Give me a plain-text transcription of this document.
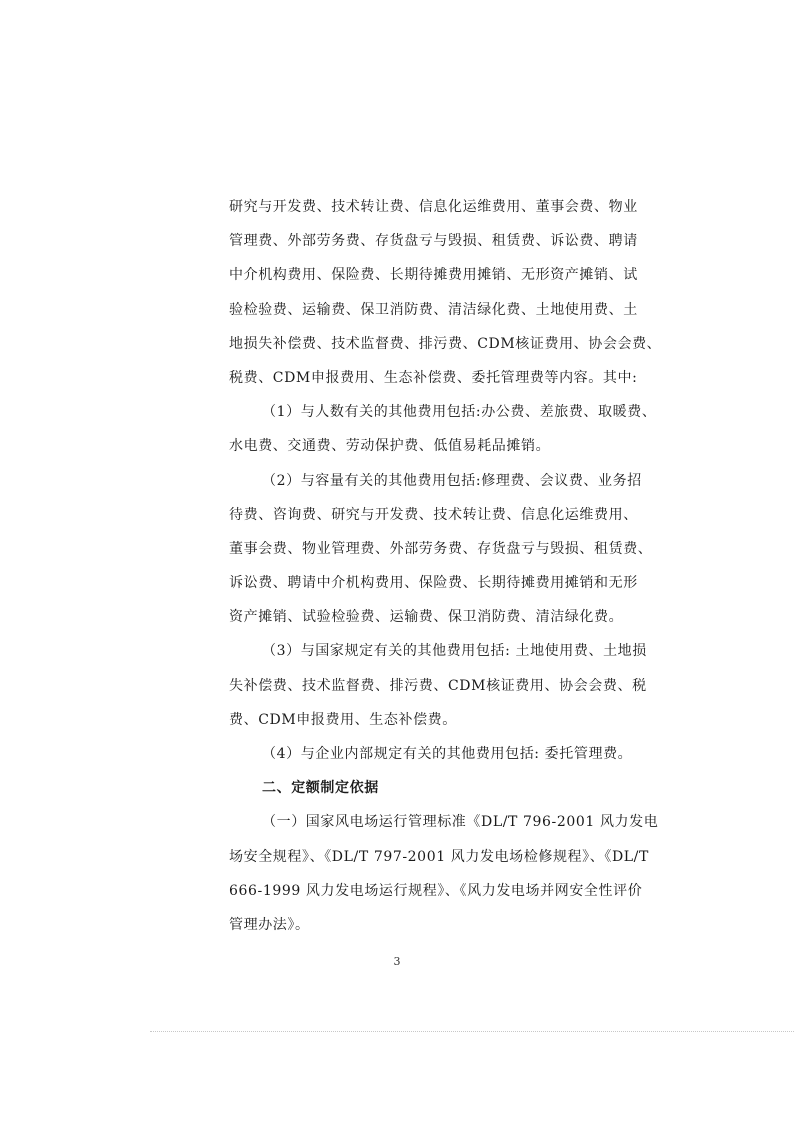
研究与开发费、技术转让费、信息化运维费用、董事会费、物业
管理费、外部劳务费、存货盘亏与毁损、租赁费、诉讼费、聘请
中介机构费用、保险费、长期待摊费用摊销、无形资产摊销、试
验检验费、运输费、保卫消防费、清洁绿化费、土地使用费、土
地损失补偿费、技术监督费、排污费、CDM核证费用、协会会费、
税费、CDM申报费用、生态补偿费、委托管理费等内容。其中:
（1）与人数有关的其他费用包括:办公费、差旅费、取暖费、
水电费、交通费、劳动保护费、低值易耗品摊销。
（2）与容量有关的其他费用包括:修理费、会议费、业务招
待费、咨询费、研究与开发费、技术转让费、信息化运维费用、
董事会费、物业管理费、外部劳务费、存货盘亏与毁损、租赁费、
诉讼费、聘请中介机构费用、保险费、长期待摊费用摊销和无形
资产摊销、试验检验费、运输费、保卫消防费、清洁绿化费。
（3）与国家规定有关的其他费用包括: 土地使用费、土地损
失补偿费、技术监督费、排污费、CDM核证费用、协会会费、税
费、CDM申报费用、生态补偿费。
（4）与企业内部规定有关的其他费用包括: 委托管理费。
二、定额制定依据
（一）国家风电场运行管理标准《DL/T 796-2001 风力发电
场安全规程》、《DL/T 797-2001 风力发电场检修规程》、《DL/T
666-1999 风力发电场运行规程》、《风力发电场并网安全性评价
管理办法》。
3
